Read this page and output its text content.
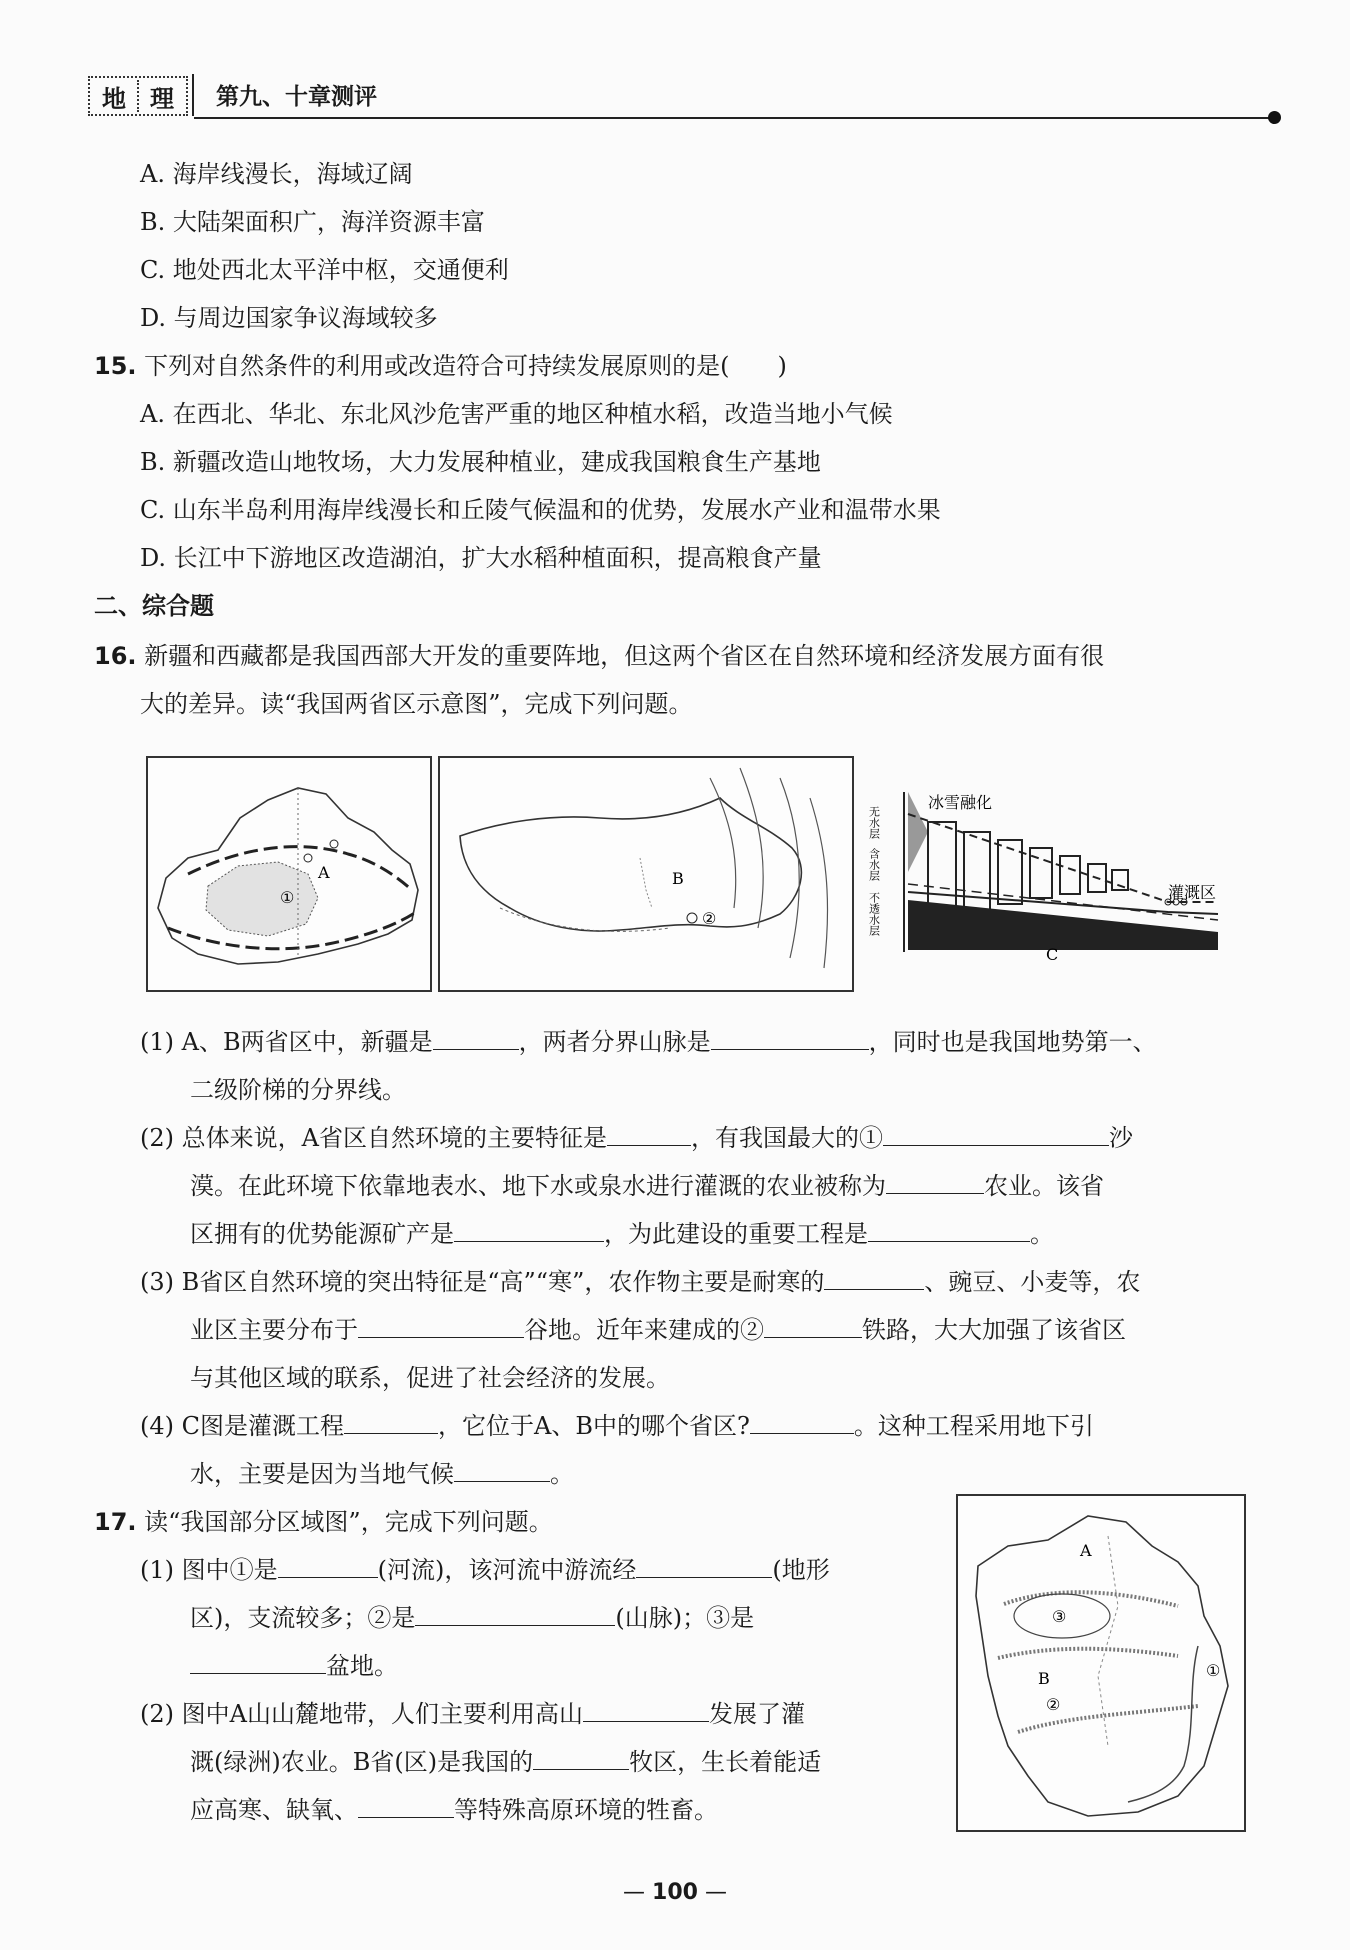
地 理 第九、十章测评
A. 海岸线漫长，海域辽阔
B. 大陆架面积广，海洋资源丰富
C. 地处西北太平洋中枢，交通便利
D. 与周边国家争议海域较多
15. 下列对自然条件的利用或改造符合可持续发展原则的是(　　)
A. 在西北、华北、东北风沙危害严重的地区种植水稻，改造当地小气候
B. 新疆改造山地牧场，大力发展种植业，建成我国粮食生产基地
C. 山东半岛利用海岸线漫长和丘陵气候温和的优势，发展水产业和温带水果
D. 长江中下游地区改造湖泊，扩大水稻种植面积，提高粮食产量
二、综合题
16. 新疆和西藏都是我国西部大开发的重要阵地，但这两个省区在自然环境和经济发展方面有很
大的差异。读“我国两省区示意图”，完成下列问题。
①
A	B
②
冰雪融化
灌溉区
无水层
含水层
不透水层
C
(1) A、B两省区中，新疆是	，两者分界山脉是	，同时也是我国地势第一、
二级阶梯的分界线。
(2) 总体来说，A省区自然环境的主要特征是	，有我国最大的①	沙
漠。在此环境下依靠地表水、地下水或泉水进行灌溉的农业被称为	农业。该省
区拥有的优势能源矿产是	，为此建设的重要工程是	。
(3) B省区自然环境的突出特征是“高”“寒”，农作物主要是耐寒的	、豌豆、小麦等，农
业区主要分布于	谷地。近年来建成的②	铁路，大大加强了该省区
与其他区域的联系，促进了社会经济的发展。
(4) C图是灌溉工程	，它位于A、B中的哪个省区?	。这种工程采用地下引
水，主要是因为当地气候	。
17. 读“我国部分区域图”，完成下列问题。
(1) 图中①是	(河流)，该河流中游流经	(地形
区)，支流较多；②是	(山脉)；③是
盆地。
(2) 图中A山山麓地带，人们主要利用高山	发展了灌
溉(绿洲)农业。B省(区)是我国的	牧区，生长着能适
应高寒、缺氧、	等特殊高原环境的牲畜。
A
③
B
②
①
— 100 —
